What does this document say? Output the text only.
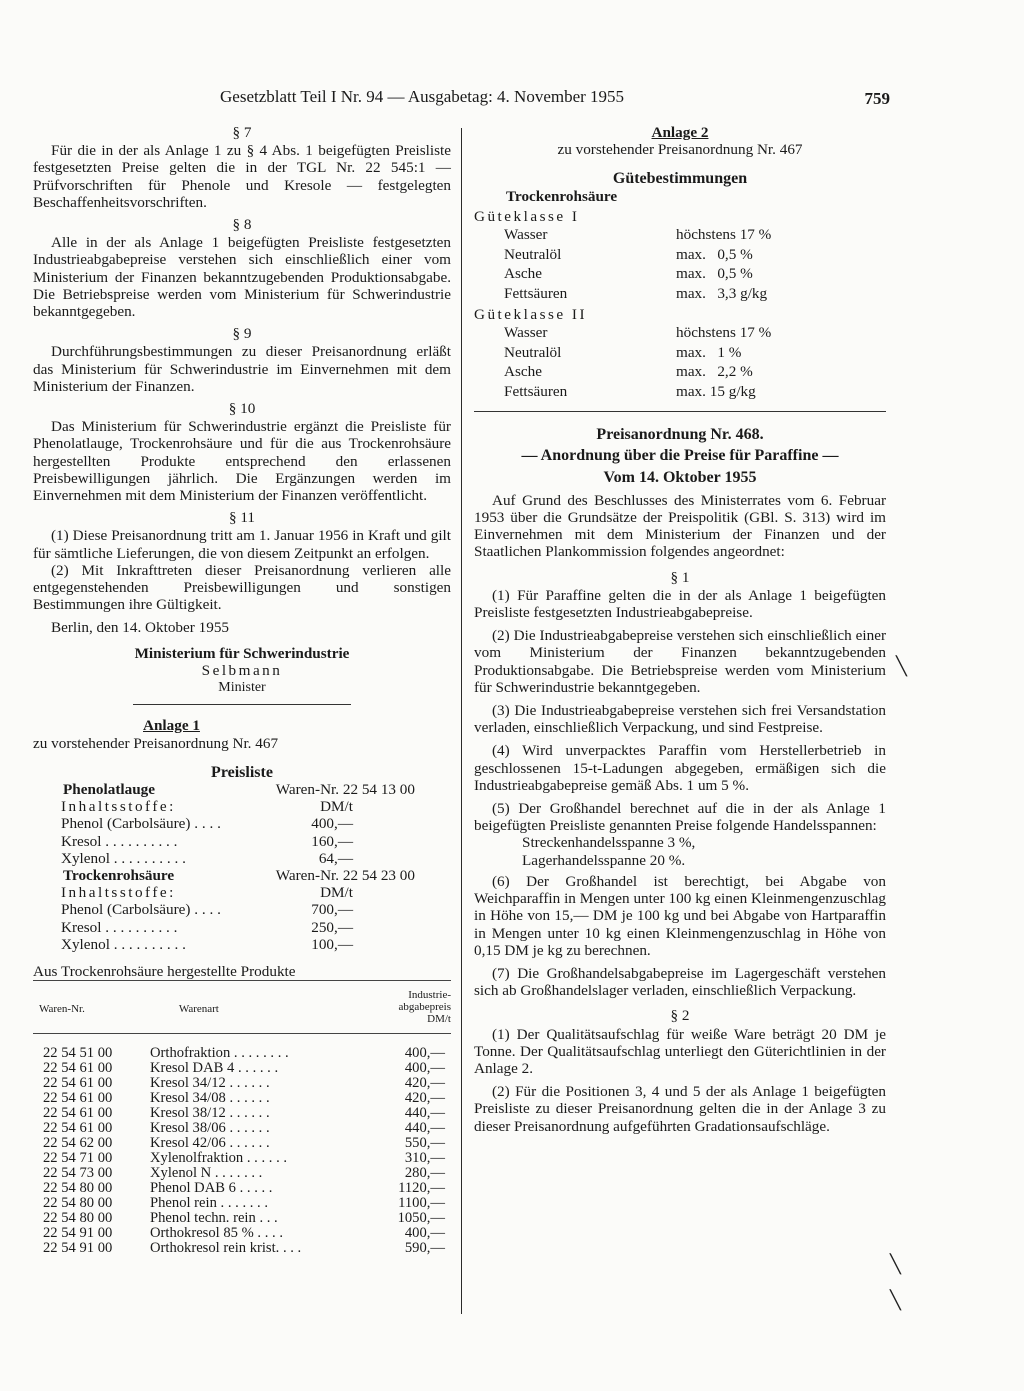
Gesetzblatt Teil I Nr. 94 — Ausgabetag: 4. November 1955	759
§ 7

Für die in der als Anlage 1 zu § 4 Abs. 1 beigefügten Preisliste festgesetzten Preise gelten die in der TGL Nr. 22 545:1 — Prüfvorschriften für Phenole und Kresole — festgelegten Beschaffenheitsvorschriften.

§ 8

Alle in der als Anlage 1 beigefügten Preisliste festgesetzten Industrieabgabepreise verstehen sich einschließlich einer vom Ministerium der Finanzen bekanntzugebenden Produktionsabgabe. Die Betriebspreise werden vom Ministerium für Schwerindustrie bekanntgegeben.

§ 9

Durchführungsbestimmungen zu dieser Preisanordnung erläßt das Ministerium für Schwerindustrie im Einvernehmen mit dem Ministerium der Finanzen.

§ 10

Das Ministerium für Schwerindustrie ergänzt die Preisliste für Phenolatlauge, Trockenrohsäure und für die aus Trockenrohsäure hergestellten Produkte entsprechend den erlassenen Preisbewilligungen jährlich. Die Ergänzungen werden im Einvernehmen mit dem Ministerium der Finanzen veröffentlicht.

§ 11

(1) Diese Preisanordnung tritt am 1. Januar 1956 in Kraft und gilt für sämtliche Lieferungen, die von diesem Zeitpunkt an erfolgen.

(2) Mit Inkrafttreten dieser Preisanordnung verlieren alle entgegenstehenden Preisbewilligungen und sonstigen Bestimmungen ihre Gültigkeit.

Berlin, den 14. Oktober 1955

Ministerium für Schwerindustrie
Selbmann
Minister
Anlage 1
zu vorstehender Preisanordnung Nr. 467
Preisliste
Phenolatlauge	Waren-Nr. 22 54 13 00
Inhaltsstoffe:	DM/t
Phenol (Carbolsäure) . . . .	400,—
Kresol . . . . . . . . . .	160,—
Xylenol . . . . . . . . . .	64,—
Trockenrohsäure	Waren-Nr. 22 54 23 00
Inhaltsstoffe:	DM/t
Phenol (Carbolsäure) . . . .	700,—
Kresol . . . . . . . . . .	250,—
Xylenol . . . . . . . . . .	100,—
Aus Trockenrohsäure hergestellte Produkte
Waren-Nr.	Warenart
Industrie-
abgabepreis
DM/t
22 54 51 00	Orthofraktion . . . . . . . .	400,—
22 54 61 00	Kresol DAB 4 . . . . . .	400,—
22 54 61 00	Kresol 34/12 . . . . . .	420,—
22 54 61 00	Kresol 34/08 . . . . . .	420,—
22 54 61 00	Kresol 38/12 . . . . . .	440,—
22 54 61 00	Kresol 38/06 . . . . . .	440,—
22 54 62 00	Kresol 42/06 . . . . . .	550,—
22 54 71 00	Xylenolfraktion . . . . . .	310,—
22 54 73 00	Xylenol N . . . . . . .	280,—
22 54 80 00	Phenol DAB 6 . . . . .	1120,—
22 54 80 00	Phenol rein . . . . . . .	1100,—
22 54 80 00	Phenol techn. rein . . .	1050,—
22 54 91 00	Orthokresol 85 % . . . .	400,—
22 54 91 00	Orthokresol rein krist. . . .	590,—
Anlage 2
zu vorstehender Preisanordnung Nr. 467
Gütebestimmungen
Trockenrohsäure
Güteklasse I
Wasser	höchstens 17 %
Neutralöl	max.   0,5 %
Asche	max.   0,5 %
Fettsäuren	max.   3,3 g/kg
Güteklasse II
Wasser	höchstens 17 %
Neutralöl	max.   1 %
Asche	max.   2,2 %
Fettsäuren	max. 15 g/kg
Preisanordnung Nr. 468.
— Anordnung über die Preise für Paraffine —
Vom 14. Oktober 1955

Auf Grund des Beschlusses des Ministerrates vom 6. Februar 1953 über die Grundsätze der Preispolitik (GBl. S. 313) wird im Einvernehmen mit dem Ministerium der Finanzen und der Staatlichen Plankommission folgendes angeordnet:

§ 1

(1) Für Paraffine gelten die in der als Anlage 1 beigefügten Preisliste festgesetzten Industrieabgabepreise.

(2) Die Industrieabgabepreise verstehen sich einschließlich einer vom Ministerium der Finanzen bekanntzugebenden Produktionsabgabe. Die Betriebspreise werden vom Ministerium für Schwerindustrie bekanntgegeben.

(3) Die Industrieabgabepreise verstehen sich frei Versandstation verladen, einschließlich Verpackung, und sind Festpreise.

(4) Wird unverpacktes Paraffin vom Herstellerbetrieb in geschlossenen 15-t-Ladungen abgegeben, ermäßigen sich die Industrieabgabepreise gemäß Abs. 1 um 5 %.

(5) Der Großhandel berechnet auf die in der als Anlage 1 beigefügten Preisliste genannten Preise folgende Handelsspannen:

Streckenhandelsspanne 3 %,
Lagerhandelsspanne 20 %.

(6) Der Großhandel ist berechtigt, bei Abgabe von Weichparaffin in Mengen unter 100 kg einen Kleinmengenzuschlag in Höhe von 15,— DM je 100 kg und bei Abgabe von Hartparaffin in Mengen unter 10 kg einen Kleinmengenzuschlag in Höhe von 0,15 DM je kg zu berechnen.

(7) Die Großhandelsabgabepreise im Lagergeschäft verstehen sich ab Großhandelslager verladen, einschließlich Verpackung.

§ 2

(1) Der Qualitätsaufschlag für weiße Ware beträgt 20 DM je Tonne. Der Qualitätsaufschlag unterliegt den Güterichtlinien in der Anlage 2.

(2) Für die Positionen 3, 4 und 5 der als Anlage 1 beigefügten Preisliste zu dieser Preisanordnung gelten die in der Anlage 3 zu dieser Preisanordnung aufgeführten Gradationsaufschläge.

╲
╲
╲
